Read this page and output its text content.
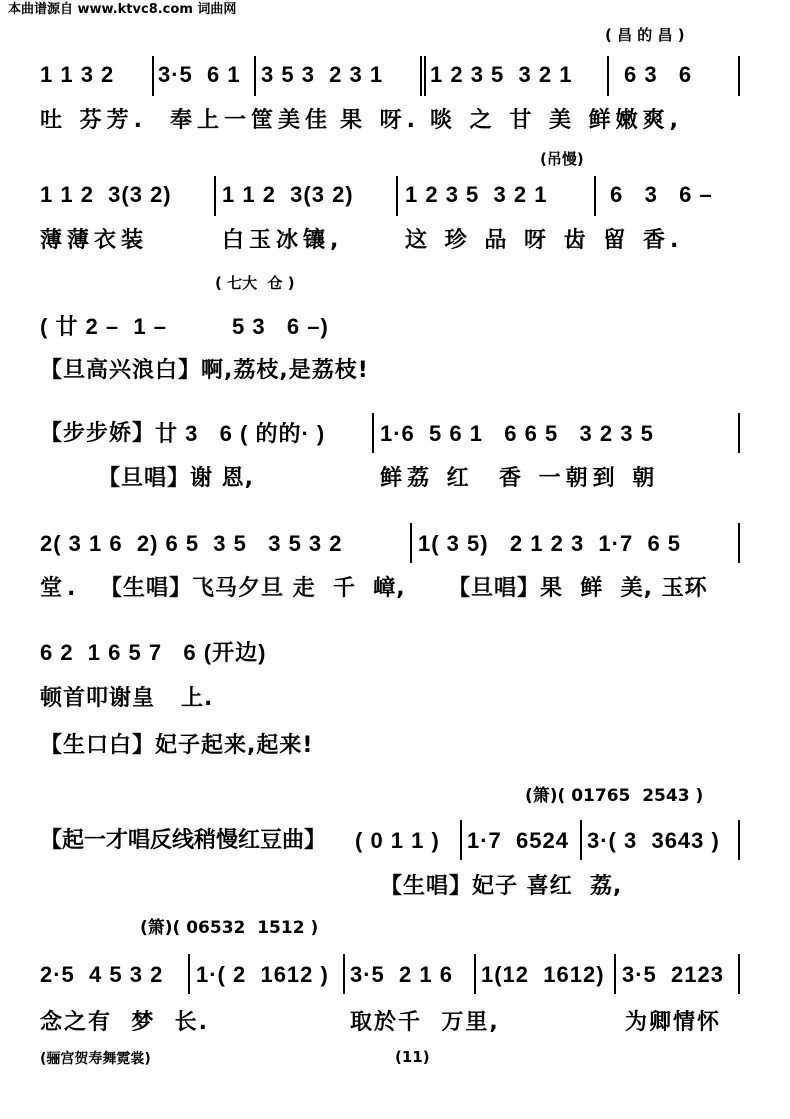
本曲谱源自 www.ktvc8.com 词曲网
( 昌 的 昌 )
1 1 3 2 3·5  6 1 3 5 3  2 3 1 1 2 3 5  3 2 1 6 3   6
吐 芬芳. 奉上一筐美佳 果 呀. 啖 之 甘 美 鲜嫩爽,
(吊慢)
1 1 2  3(3 2) 1 1 2  3(3 2) 1 2 3 5  3 2 1	6   3   6 –
薄薄衣装	白玉冰镶,	这 珍 品 呀 齿 留 香.
( 七大  仓 )
( 廿 2 –  1 –	5 3   6 –)
【旦高兴浪白】啊,荔枝,是荔枝!
【步步娇】 廿 3   6 ( 的的· ) 1·6  5 6 1   6 6 5   3 2 3 5
【旦唱】谢 恩,	鲜荔 红  香 一朝到 朝
2( 3 1 6  2) 6 5  3 5   3 5 3 2	1( 3 5)   2 1 2 3  1·7  6 5
堂. 【生唱】飞马夕旦 走  千  嶂, 【旦唱】果  鲜  美, 玉环
6 2  1 6 5 7   6 (开边)
顿首叩谢皇   上.
【生口白】妃子起来,起来!
(箫)( 01765  2543 )
【起一才唱反线稍慢红豆曲】 ( 0 1 1 ) 1·7  6524 3·( 3  3643 )
【生唱】妃子 喜红  荔,
(箫)( 06532  1512 )
2·5  4 5 3 2 1·( 2  1612 ) 3·5  2 1 6 1(12  1612) 3·5  2123
念之有  梦  长.	取於千  万里,	为卿情怀
(骊宫贺寿舞霓裳)	(11)
